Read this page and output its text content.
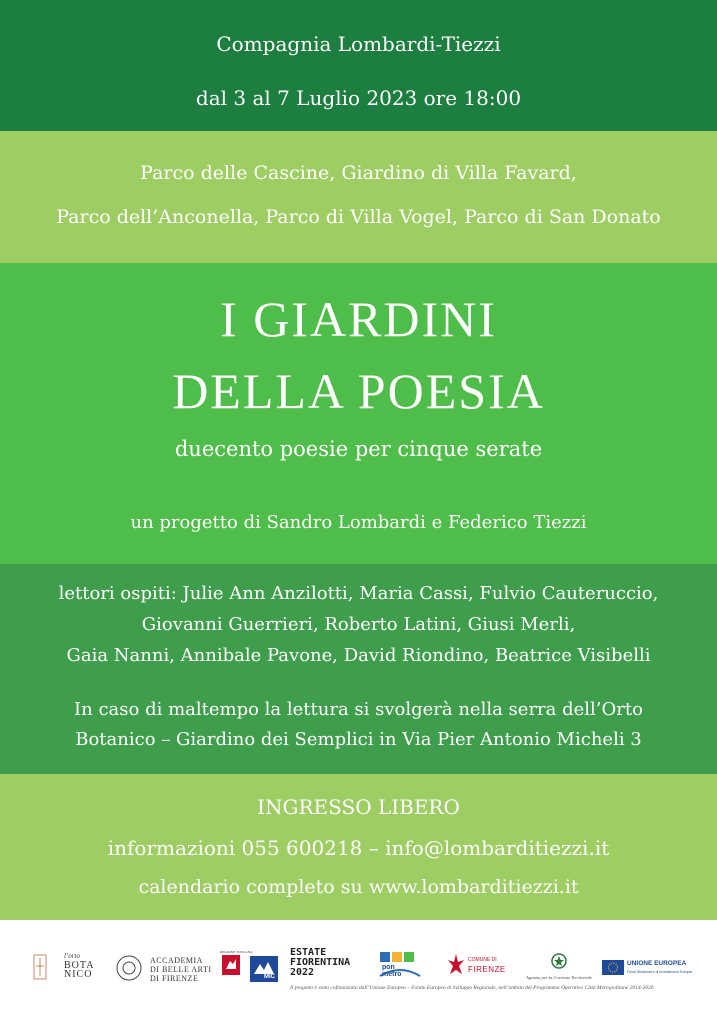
Compagnia Lombardi-Tiezzi
dal 3 al 7 Luglio 2023 ore 18:00
Parco delle Cascine, Giardino di Villa Favard,
Parco dell’Anconella, Parco di Villa Vogel, Parco di San Donato
I GIARDINI
DELLA POESIA
duecento poesie per cinque serate
un progetto di Sandro Lombardi e Federico Tiezzi
lettori ospiti: Julie Ann Anzilotti, Maria Cassi, Fulvio Cauteruccio,
Giovanni Guerrieri, Roberto Latini, Giusi Merli,
Gaia Nanni, Annibale Pavone, David Riondino, Beatrice Visibelli
In caso di maltempo la lettura si svolgerà nella serra dell’Orto
Botanico – Giardino dei Semplici in Via Pier Antonio Micheli 3
INGRESSO LIBERO
informazioni 055 600218 – info@lombarditiezzi.it
calendario completo su www.lombarditiezzi.it
l’orto
BOTA
NICO
ACCADEMIA
DI BELLE ARTI
DI FIRENZE
REGIONE TOSCANA
MIC
ESTATE
FIORENTINA
2022	pon
metro
COMUNE DI
FIRENZE
Agenzia per la Coesione Territoriale
UNIONE EUROPEA
Fondi Strutturali e di Investimento Europei
Il progetto è stato cofinanziato dall’Unione Europea – Fondo Europeo di Sviluppo Regionale, nell’ambito del Programma Operativo Città Metropolitane 2014-2020
